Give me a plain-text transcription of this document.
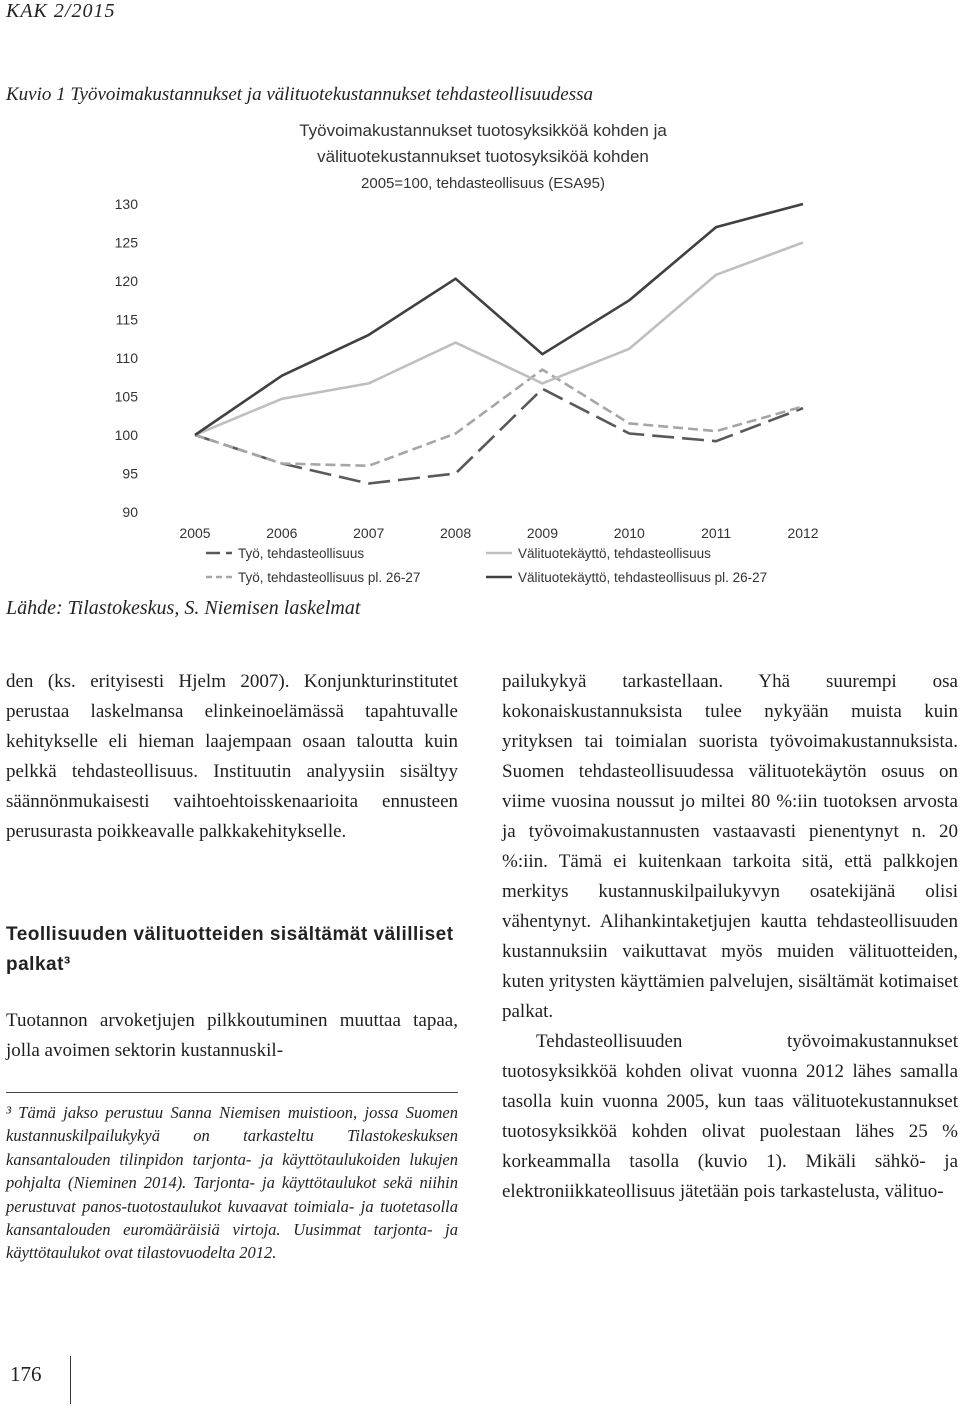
KAK 2/2015
Kuvio 1 Työvoimakustannukset ja välituotekustannukset tehdasteollisuudessa
Työvoimakustannukset tuotosyksikköä kohden ja
välituotekustannukset tuotosyksiköä kohden
2005=100, tehdasteollisuus (ESA95)
90
95
100
105
110
115
120
125
130
2005	2006	2007	2008	2009	2010	2011	2012
Työ, tehdasteollisuus
Työ, tehdasteollisuus pl. 26-27
Välituotekäyttö, tehdasteollisuus
Välituotekäyttö, tehdasteollisuus pl. 26-27
Lähde: Tilastokeskus, S. Niemisen laskelmat

den (ks. erityisesti Hjelm 2007). Konjunkturinstitutet perustaa laskelmansa elinkeinoelämässä tapahtuvalle kehitykselle eli hieman laajempaan osaan taloutta kuin pelkkä tehdasteollisuus. Instituutin analyysiin sisältyy säännönmukaisesti vaihtoehtoisskenaarioita ennusteen perusurasta poikkeavalle palkkakehitykselle.

Teollisuuden välituotteiden sisältämät välilliset palkat³
Tuotannon arvoketjujen pilkkoutuminen muuttaa tapaa, jolla avoimen sektorin kustannuskil-
³ Tämä jakso perustuu Sanna Niemisen muistioon, jossa Suomen kustannuskilpailukykyä on tarkasteltu Tilastokeskuksen kansantalouden tilinpidon tarjonta- ja käyttötaulukoiden lukujen pohjalta (Nieminen 2014). Tarjonta- ja käyttötaulukot sekä niihin perustuvat panos-tuotostaulukot kuvaavat toimiala- ja tuotetasolla kansantalouden euromääräisiä virtoja. Uusimmat tarjonta- ja käyttötaulukot ovat tilastovuodelta 2012.

pailukykyä tarkastellaan. Yhä suurempi osa kokonaiskustannuksista tulee nykyään muista kuin yrityksen tai toimialan suorista työvoimakustannuksista. Suomen tehdasteollisuudessa välituotekäytön osuus on viime vuosina noussut jo miltei 80 %:iin tuotoksen arvosta ja työvoimakustannusten vastaavasti pienentynyt n. 20 %:iin. Tämä ei kuitenkaan tarkoita sitä, että palkkojen merkitys kustannuskilpailukyvyn osatekijänä olisi vähentynyt. Alihankintaketjujen kautta tehdasteollisuuden kustannuksiin vaikuttavat myös muiden välituotteiden, kuten yritysten käyttämien palvelujen, sisältämät kotimaiset palkat.

Tehdasteollisuuden työvoimakustannukset tuotosyksikköä kohden olivat vuonna 2012 lähes samalla tasolla kuin vuonna 2005, kun taas välituotekustannukset tuotosyksikköä kohden olivat puolestaan lähes 25 % korkeammalla tasolla (kuvio 1). Mikäli sähkö- ja elektroniikkateollisuus jätetään pois tarkastelusta, välituo-

176
